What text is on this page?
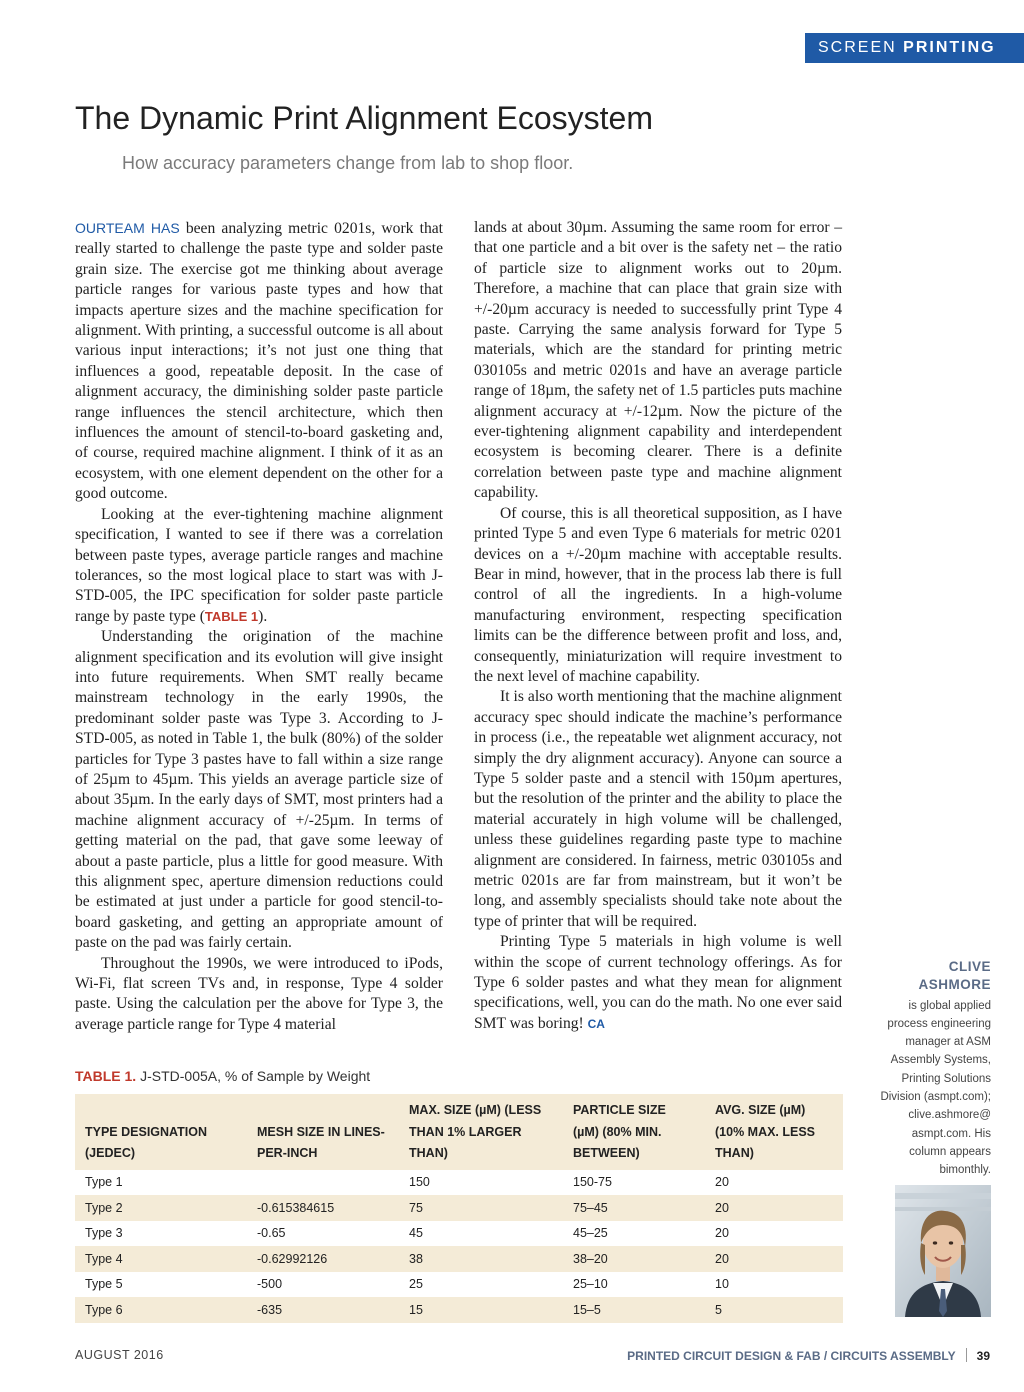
SCREEN PRINTING
The Dynamic Print Alignment Ecosystem

How accuracy parameters change from lab to shop floor.

OURTEAM HAS been analyzing metric 0201s, work that really started to challenge the paste type and solder paste grain size. The exercise got me thinking about average particle ranges for various paste types and how that impacts aperture sizes and the machine specification for alignment. With printing, a successful outcome is all about various input interactions; it’s not just one thing that influences a good, repeatable deposit. In the case of alignment accuracy, the diminishing solder paste particle range influences the stencil architecture, which then influences the amount of stencil-to-board gasketing and, of course, required machine alignment. I think of it as an ecosystem, with one element dependent on the other for a good outcome.

Looking at the ever-tightening machine alignment specification, I wanted to see if there was a correlation between paste types, average particle ranges and machine tolerances, so the most logical place to start was with J-STD-005, the IPC specification for solder paste particle range by paste type (TABLE 1).

Understanding the origination of the machine alignment specification and its evolution will give insight into future requirements. When SMT really became mainstream technology in the early 1990s, the predominant solder paste was Type 3. According to J-STD-005, as noted in Table 1, the bulk (80%) of the solder particles for Type 3 pastes have to fall within a size range of 25µm to 45µm. This yields an average particle size of about 35µm. In the early days of SMT, most printers had a machine alignment accuracy of +/-25µm. In terms of getting material on the pad, that gave some leeway of about a paste particle, plus a little for good measure. With this alignment spec, aperture dimension reductions could be estimated at just under a particle for good stencil-to-board gasketing, and getting an appropriate amount of paste on the pad was fairly certain.

Throughout the 1990s, we were introduced to iPods, Wi-Fi, flat screen TVs and, in response, Type 4 solder paste. Using the calculation per the above for Type 3, the average particle range for Type 4 material

lands at about 30µm. Assuming the same room for error – that one particle and a bit over is the safety net – the ratio of particle size to alignment works out to 20µm. Therefore, a machine that can place that grain size with +/-20µm accuracy is needed to successfully print Type 4 paste. Carrying the same analysis forward for Type 5 materials, which are the standard for printing metric 030105s and metric 0201s and have an average particle range of 18µm, the safety net of 1.5 particles puts machine alignment accuracy at +/-12µm. Now the picture of the ever-tightening alignment capability and interdependent ecosystem is becoming clearer. There is a definite correlation between paste type and machine alignment capability.

Of course, this is all theoretical supposition, as I have printed Type 5 and even Type 6 materials for metric 0201 devices on a +/-20µm machine with acceptable results. Bear in mind, however, that in the process lab there is full control of all the ingredients. In a high-volume manufacturing environment, respecting specification limits can be the difference between profit and loss, and, consequently, miniaturization will require investment to the next level of machine capability.

It is also worth mentioning that the machine alignment accuracy spec should indicate the machine’s performance in process (i.e., the repeatable wet alignment accuracy, not simply the dry alignment accuracy). Anyone can source a Type 5 solder paste and a stencil with 150µm apertures, but the resolution of the printer and the ability to place the material accurately in high volume will be challenged, unless these guidelines regarding paste type to machine alignment are considered. In fairness, metric 030105s and metric 0201s are far from mainstream, but it won’t be long, and assembly specialists should take note about the type of printer that will be required.

Printing Type 5 materials in high volume is well within the scope of current technology offerings. As for Type 6 solder pastes and what they mean for alignment specifications, well, you can do the math. No one ever said SMT was boring! CA

CLIVE ASHMORE
is global applied
process engineering
manager at ASM
Assembly Systems,
Printing Solutions
Division (asmpt.com);
clive.ashmore@
asmpt.com. His
column appears
bimonthly.
TABLE 1. J-STD-005A, % of Sample by Weight
TYPE DESIGNATION (JEDEC)	MESH SIZE IN LINES-PER-INCH	MAX. SIZE (µM) (LESS THAN 1% LARGER THAN)	PARTICLE SIZE (µM) (80% MIN. BETWEEN)	AVG. SIZE (µM) (10% MAX. LESS THAN)
Type 1		150	150-75	20
Type 2	-0.615384615	75	75–45	20
Type 3	-0.65	45	45–25	20
Type 4	-0.62992126	38	38–20	20
Type 5	-500	25	25–10	10
Type 6	-635	15	15–5	5
AUGUST 2016	PRINTED CIRCUIT DESIGN & FAB / CIRCUITS ASSEMBLY 39
